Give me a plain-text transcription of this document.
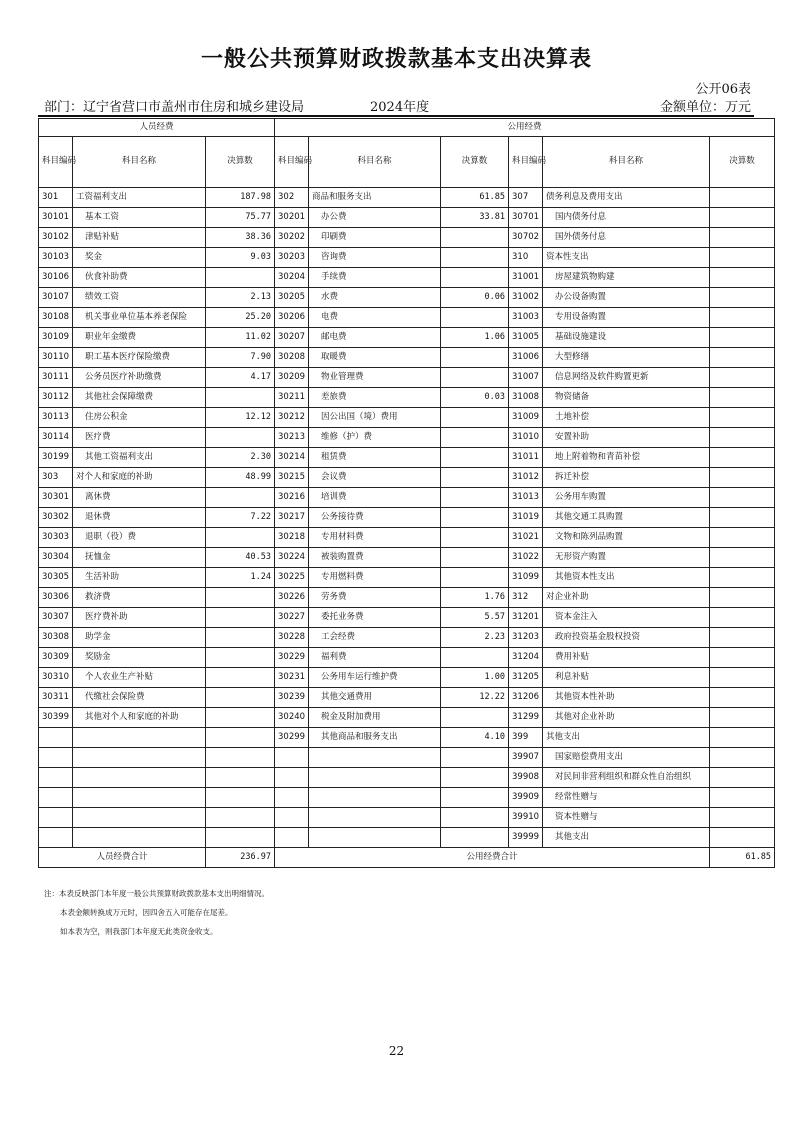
一般公共预算财政拨款基本支出决算表
公开06表
部门：辽宁省营口市盖州市住房和城乡建设局	2024年度	金额单位：万元
人员经费			公用经费					
科目编码	科目名称	决算数	科目编码	科目名称	决算数	科目编码	科目名称	决算数
301	工资福利支出	187.98	302	商品和服务支出	61.85	307	债务利息及费用支出	
30101	基本工资	75.77	30201	办公费	33.81	30701	国内债务付息	
30102	津贴补贴	38.36	30202	印刷费		30702	国外债务付息	
30103	奖金	9.03	30203	咨询费		310	资本性支出	
30106	伙食补助费		30204	手续费		31001	房屋建筑物购建	
30107	绩效工资	2.13	30205	水费	0.06	31002	办公设备购置	
30108	机关事业单位基本养老保险	25.20	30206	电费		31003	专用设备购置	
30109	职业年金缴费	11.02	30207	邮电费	1.06	31005	基础设施建设	
30110	职工基本医疗保险缴费	7.90	30208	取暖费		31006	大型修缮	
30111	公务员医疗补助缴费	4.17	30209	物业管理费		31007	信息网络及软件购置更新	
30112	其他社会保障缴费		30211	差旅费	0.03	31008	物资储备	
30113	住房公积金	12.12	30212	因公出国（境）费用		31009	土地补偿	
30114	医疗费		30213	维修（护）费		31010	安置补助	
30199	其他工资福利支出	2.30	30214	租赁费		31011	地上附着物和青苗补偿	
303	对个人和家庭的补助	48.99	30215	会议费		31012	拆迁补偿	
30301	离休费		30216	培训费		31013	公务用车购置	
30302	退休费	7.22	30217	公务接待费		31019	其他交通工具购置	
30303	退职（役）费		30218	专用材料费		31021	文物和陈列品购置	
30304	抚恤金	40.53	30224	被装购置费		31022	无形资产购置	
30305	生活补助	1.24	30225	专用燃料费		31099	其他资本性支出	
30306	救济费		30226	劳务费	1.76	312	对企业补助	
30307	医疗费补助		30227	委托业务费	5.57	31201	资本金注入	
30308	助学金		30228	工会经费	2.23	31203	政府投资基金股权投资	
30309	奖励金		30229	福利费		31204	费用补贴	
30310	个人农业生产补贴		30231	公务用车运行维护费	1.00	31205	利息补贴	
30311	代缴社会保险费		30239	其他交通费用	12.22	31206	其他资本性补助	
30399	其他对个人和家庭的补助		30240	税金及附加费用		31299	其他对企业补助	
			30299	其他商品和服务支出	4.10	399	其他支出	
						39907	国家赔偿费用支出	
						39908	对民间非营利组织和群众性自治组织	
						39909	经常性赠与	
						39910	资本性赠与	
						39999	其他支出	
人员经费合计		236.97	公用经费合计					61.85
注：本表反映部门本年度一般公共预算财政拨款基本支出明细情况。
本表金额转换成万元时，因四舍五入可能存在尾差。
如本表为空，则我部门本年度无此类资金收支。
22
